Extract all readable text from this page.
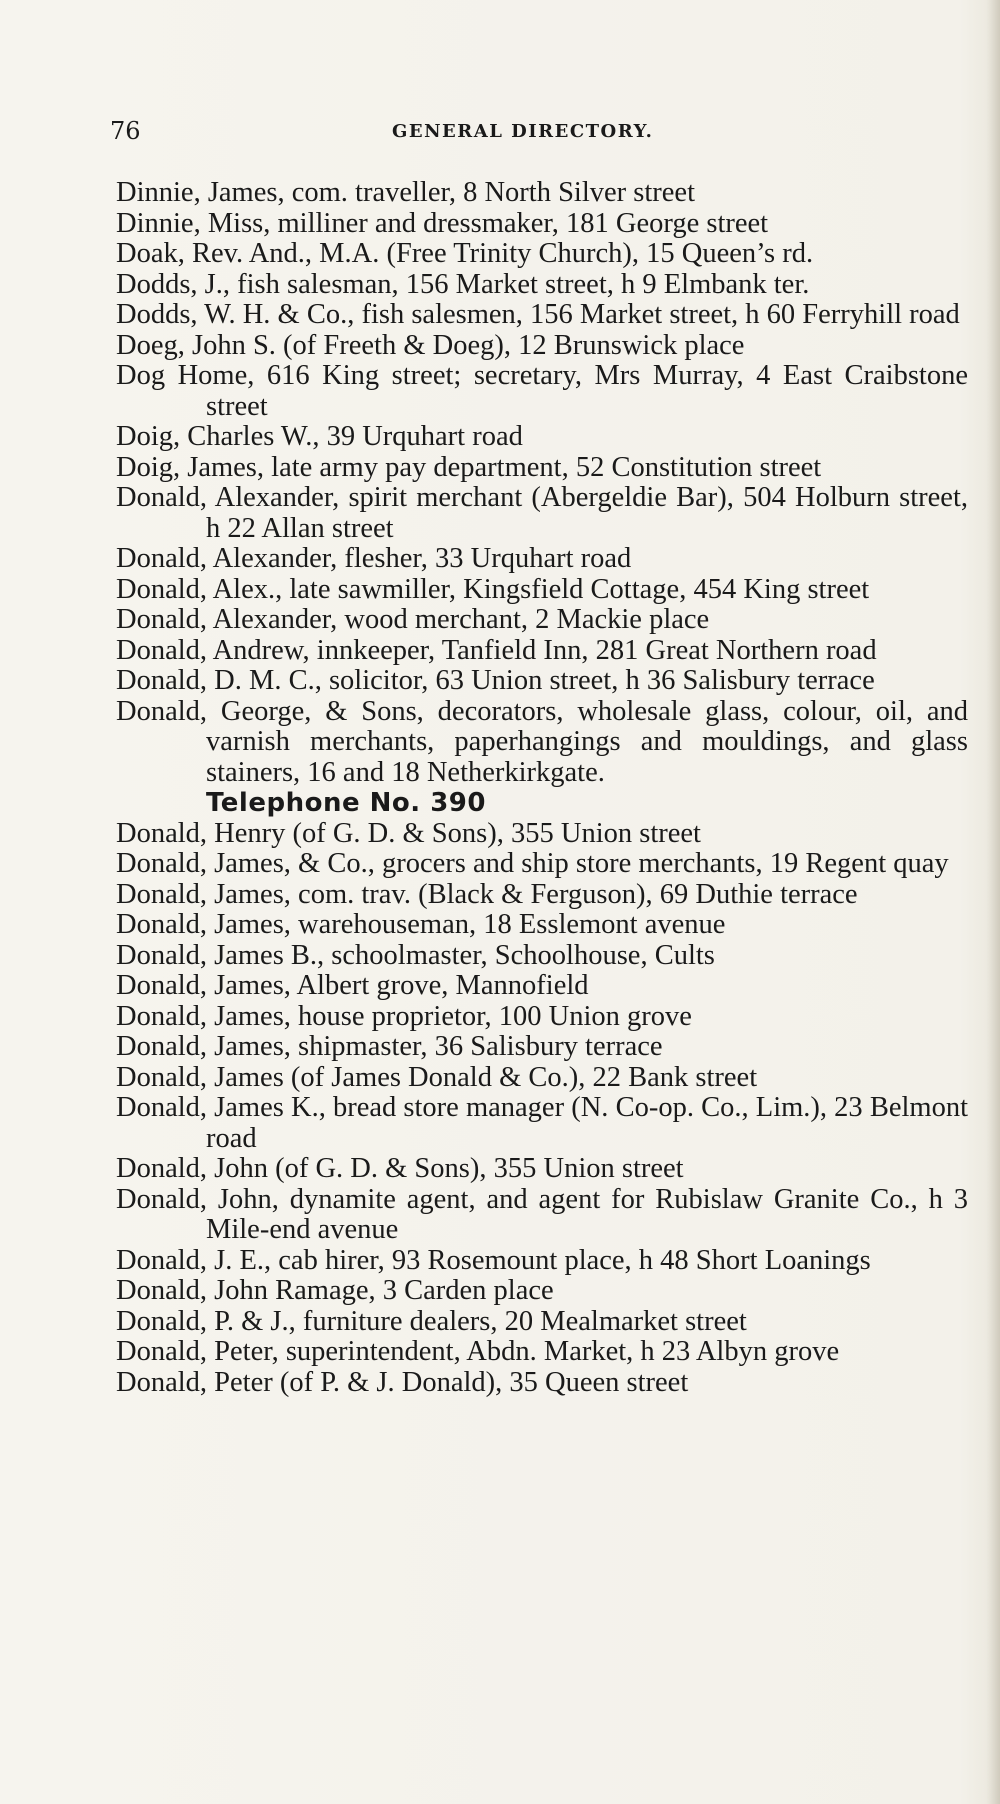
76	GENERAL DIRECTORY.
Dinnie, James, com. traveller, 8 North Silver street
Dinnie, Miss, milliner and dressmaker, 181 George street
Doak, Rev. And., M.A. (Free Trinity Church), 15 Queen’s rd.
Dodds, J., fish salesman, 156 Market street, h 9 Elmbank ter.
Dodds, W. H. & Co., fish salesmen, 156 Market street, h 60 Ferryhill road
Doeg, John S. (of Freeth & Doeg), 12 Brunswick place
Dog Home, 616 King street; secretary, Mrs Murray, 4 East Craibstone street
Doig, Charles W., 39 Urquhart road
Doig, James, late army pay department, 52 Constitution street
Donald, Alexander, spirit merchant (Abergeldie Bar), 504 Holburn street, h 22 Allan street
Donald, Alexander, flesher, 33 Urquhart road
Donald, Alex., late sawmiller, Kingsfield Cottage, 454 King street
Donald, Alexander, wood merchant, 2 Mackie place
Donald, Andrew, innkeeper, Tanfield Inn, 281 Great Northern road
Donald, D. M. C., solicitor, 63 Union street, h 36 Salisbury terrace
Donald, George, & Sons, decorators, wholesale glass, colour, oil, and varnish merchants, paperhangings and mouldings, and glass stainers, 16 and 18 Netherkirkgate.
Telephone No. 390
Donald, Henry (of G. D. & Sons), 355 Union street
Donald, James, & Co., grocers and ship store merchants, 19 Regent quay
Donald, James, com. trav. (Black & Ferguson), 69 Duthie terrace
Donald, James, warehouseman, 18 Esslemont avenue
Donald, James B., schoolmaster, Schoolhouse, Cults
Donald, James, Albert grove, Mannofield
Donald, James, house proprietor, 100 Union grove
Donald, James, shipmaster, 36 Salisbury terrace
Donald, James (of James Donald & Co.), 22 Bank street
Donald, James K., bread store manager (N. Co-op. Co., Lim.), 23 Belmont road
Donald, John (of G. D. & Sons), 355 Union street
Donald, John, dynamite agent, and agent for Rubislaw Granite Co., h 3 Mile-end avenue
Donald, J. E., cab hirer, 93 Rosemount place, h 48 Short Loanings
Donald, John Ramage, 3 Carden place
Donald, P. & J., furniture dealers, 20 Mealmarket street
Donald, Peter, superintendent, Abdn. Market, h 23 Albyn grove
Donald, Peter (of P. & J. Donald), 35 Queen street
